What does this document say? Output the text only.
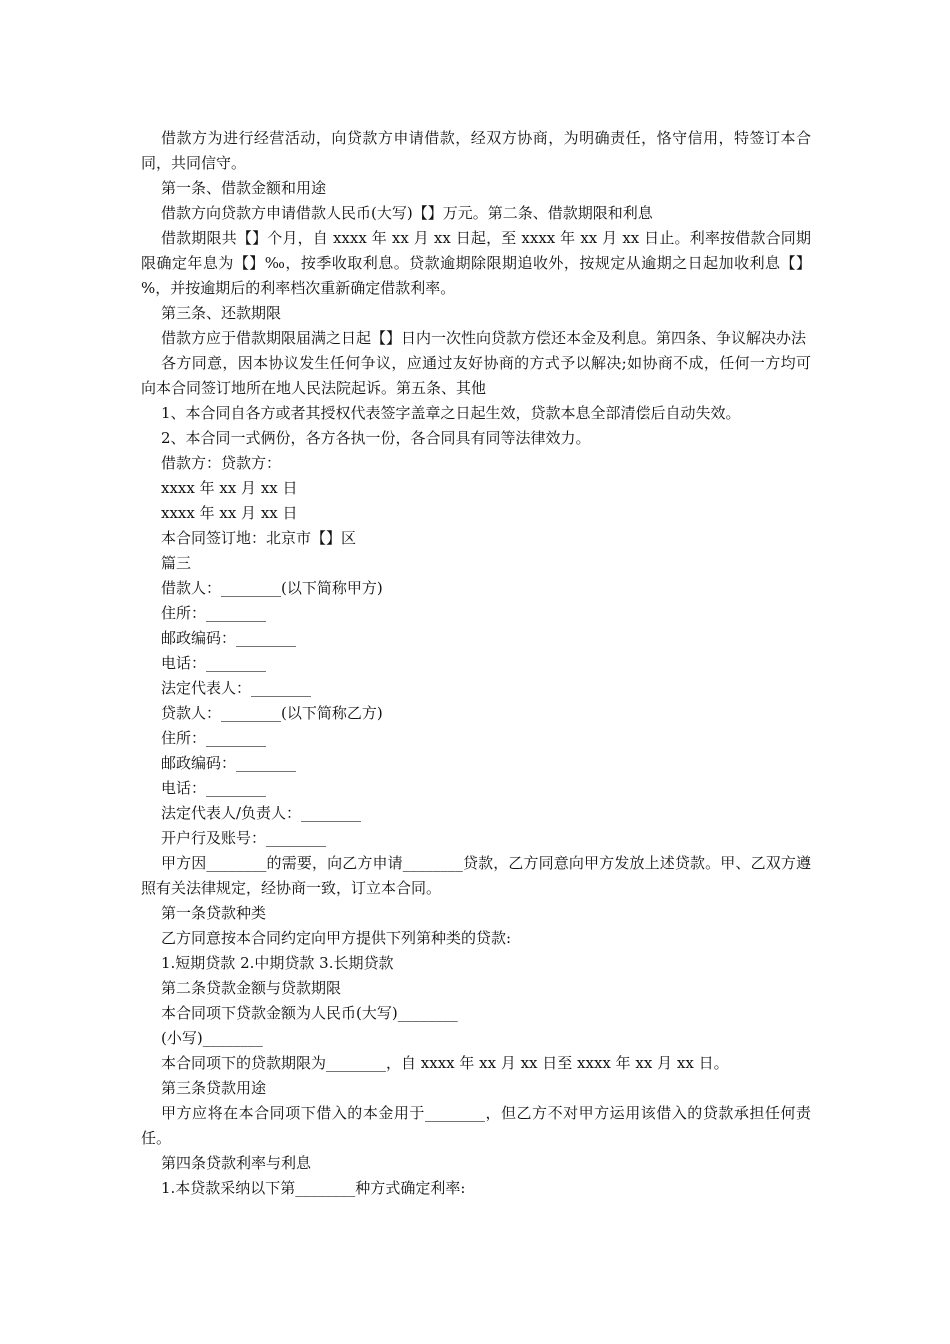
借款方为进行经营活动，向贷款方申请借款，经双方协商，为明确责任，恪守信用，特签订本合同，共同信守。
第一条、借款金额和用途
借款方向贷款方申请借款人民币(大写)【】万元。第二条、借款期限和利息
借款期限共【】个月，自 xxxx 年 xx 月 xx 日起，至 xxxx 年 xx 月 xx 日止。利率按借款合同期限确定年息为【】‰，按季收取利息。贷款逾期除限期追收外，按规定从逾期之日起加收利息【】%，并按逾期后的利率档次重新确定借款利率。
第三条、还款期限
借款方应于借款期限届满之日起【】日内一次性向贷款方偿还本金及利息。第四条、争议解决办法
各方同意，因本协议发生任何争议，应通过友好协商的方式予以解决;如协商不成，任何一方均可向本合同签订地所在地人民法院起诉。第五条、其他
1、本合同自各方或者其授权代表签字盖章之日起生效，贷款本息全部清偿后自动失效。
2、本合同一式俩份，各方各执一份，各合同具有同等法律效力。
借款方：贷款方：
xxxx 年 xx 月 xx 日
xxxx 年 xx 月 xx 日
本合同签订地：北京市【】区
篇三
借款人：________(以下简称甲方)
住所：________
邮政编码：________
电话：________
法定代表人：________
贷款人：________(以下简称乙方)
住所：________
邮政编码：________
电话：________
法定代表人/负责人：________
开户行及账号：________
甲方因________的需要，向乙方申请________贷款，乙方同意向甲方发放上述贷款。甲、乙双方遵照有关法律规定，经协商一致，订立本合同。
第一条贷款种类
乙方同意按本合同约定向甲方提供下列第种类的贷款:
1.短期贷款 2.中期贷款 3.长期贷款
第二条贷款金额与贷款期限
本合同项下贷款金额为人民币(大写)________
(小写)________
本合同项下的贷款期限为________，自 xxxx 年 xx 月 xx 日至 xxxx 年 xx 月 xx 日。
第三条贷款用途
甲方应将在本合同项下借入的本金用于________，但乙方不对甲方运用该借入的贷款承担任何责任。
第四条贷款利率与利息
1.本贷款采纳以下第________种方式确定利率:
